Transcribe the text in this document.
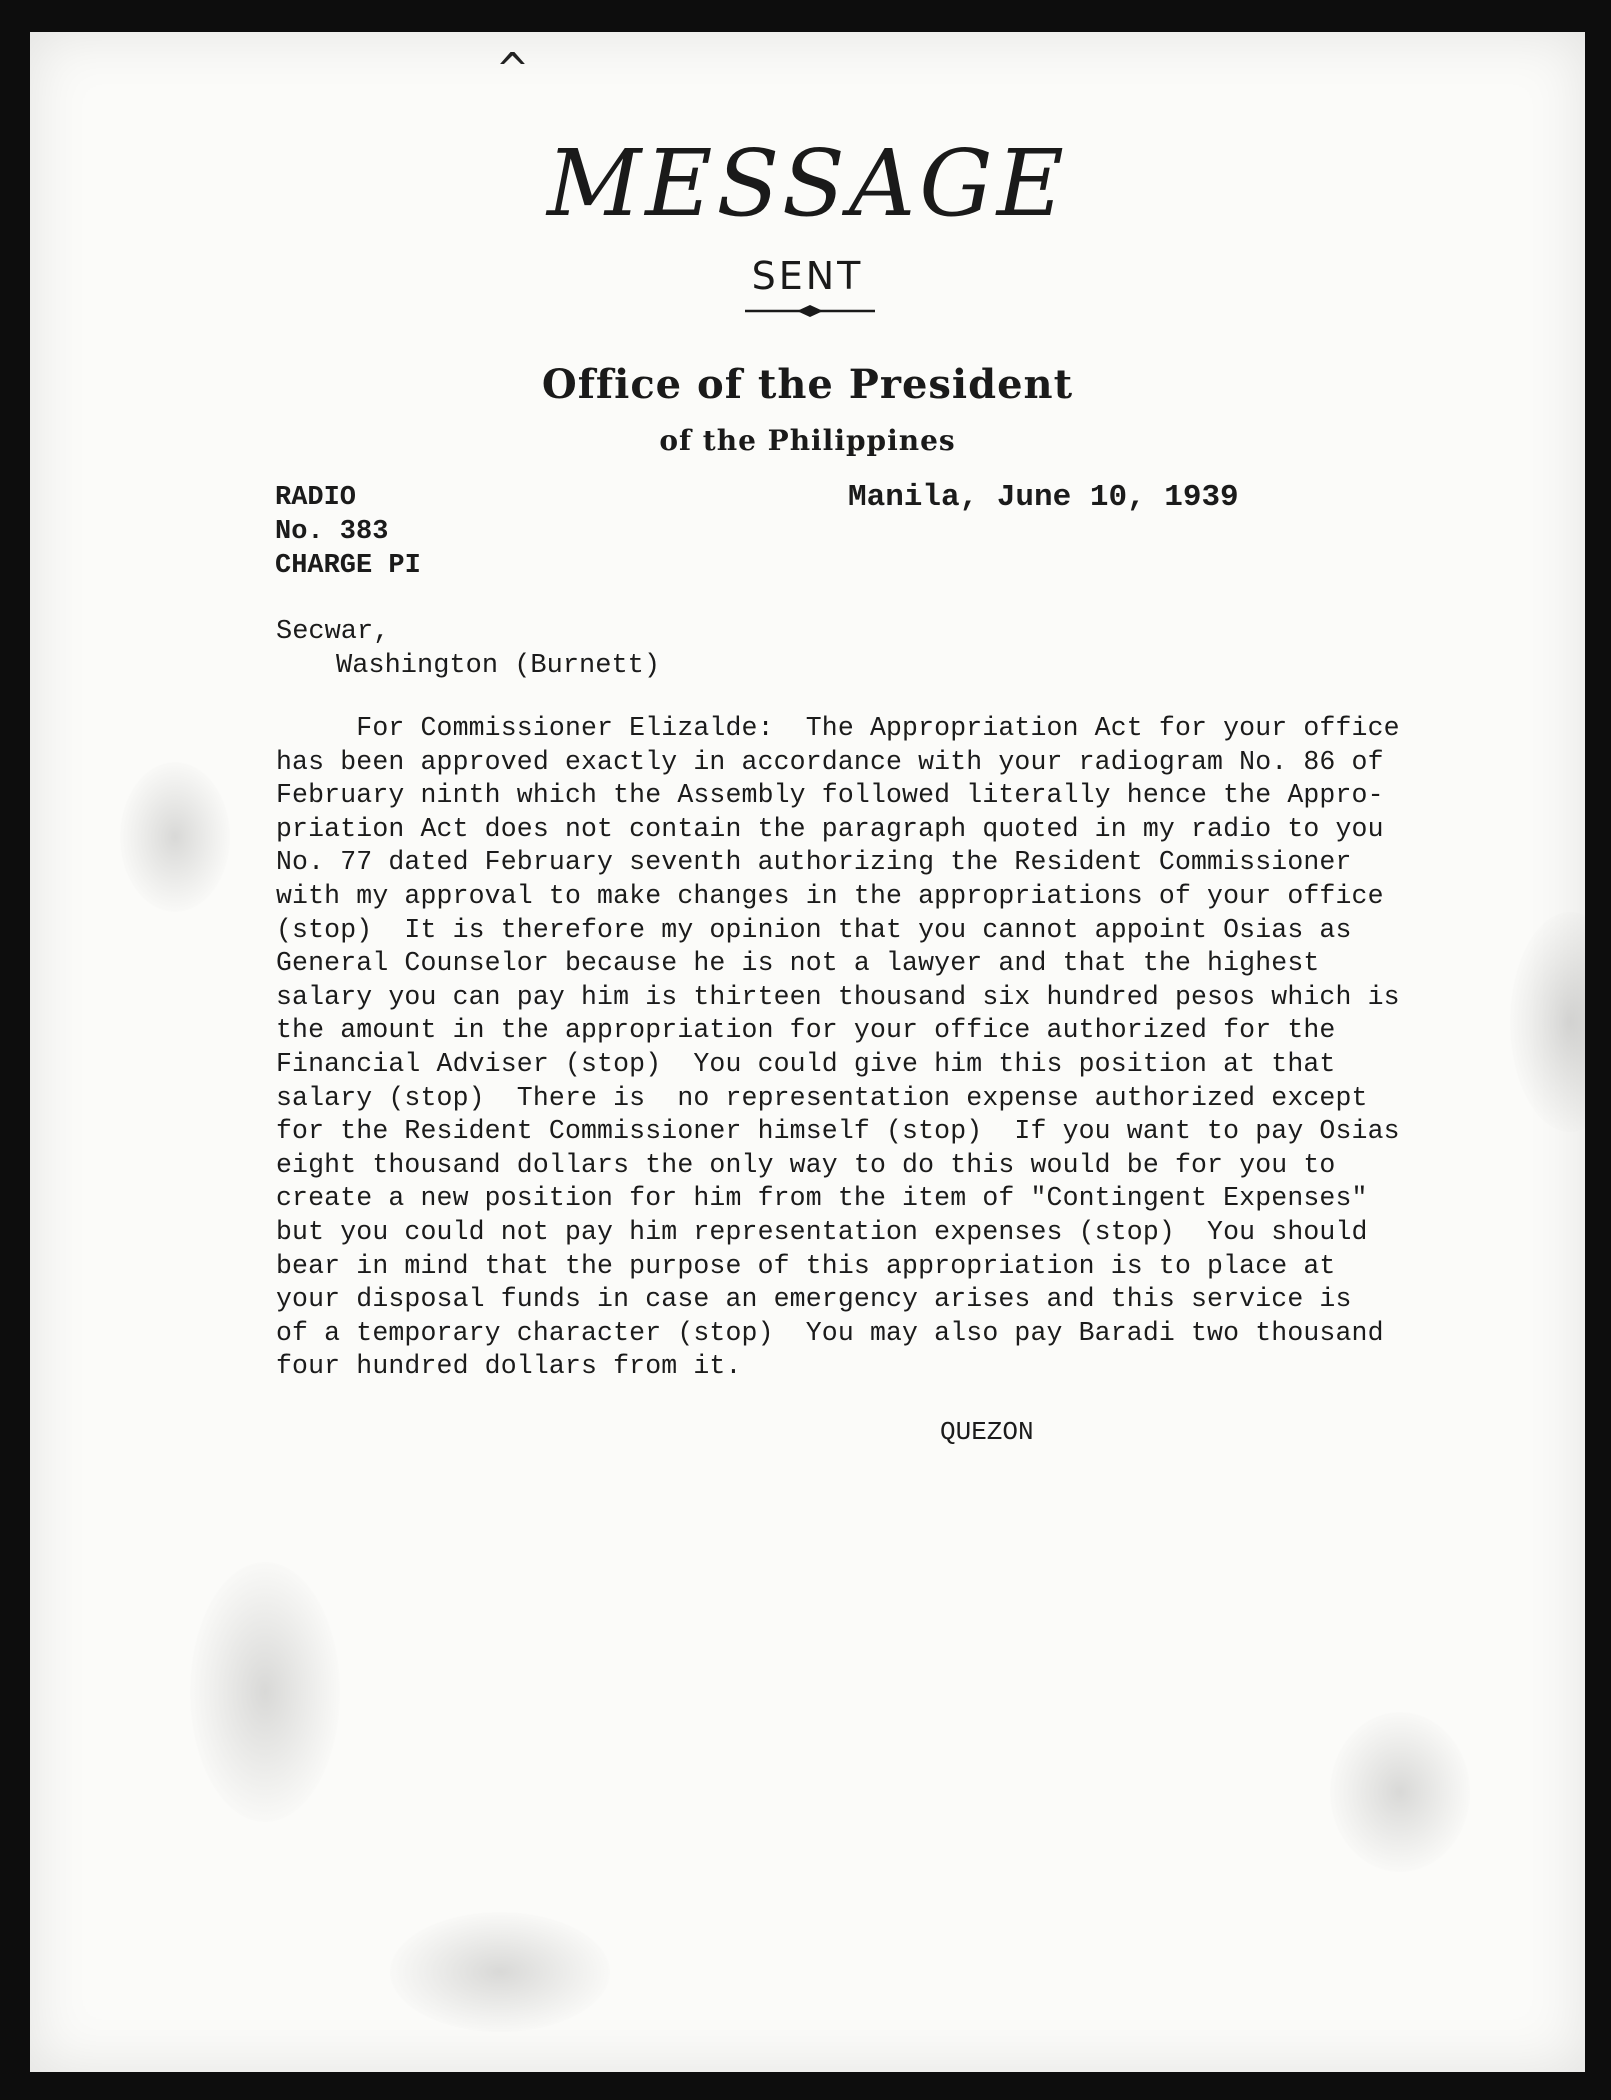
^
MESSAGE
SENT
Office of the President
of the Philippines
RADIO
No. 383
CHARGE PI
Manila, June 10, 1939
Secwar,
Washington (Burnett)
For Commissioner Elizalde:  The Appropriation Act for your office
has been approved exactly in accordance with your radiogram No. 86 of
February ninth which the Assembly followed literally hence the Appro-
priation Act does not contain the paragraph quoted in my radio to you
No. 77 dated February seventh authorizing the Resident Commissioner
with my approval to make changes in the appropriations of your office
(stop)  It is therefore my opinion that you cannot appoint Osias as
General Counselor because he is not a lawyer and that the highest
salary you can pay him is thirteen thousand six hundred pesos which is
the amount in the appropriation for your office authorized for the
Financial Adviser (stop)  You could give him this position at that
salary (stop)  There is  no representation expense authorized except
for the Resident Commissioner himself (stop)  If you want to pay Osias
eight thousand dollars the only way to do this would be for you to
create a new position for him from the item of "Contingent Expenses"
but you could not pay him representation expenses (stop)  You should
bear in mind that the purpose of this appropriation is to place at
your disposal funds in case an emergency arises and this service is
of a temporary character (stop)  You may also pay Baradi two thousand
four hundred dollars from it.
QUEZON
